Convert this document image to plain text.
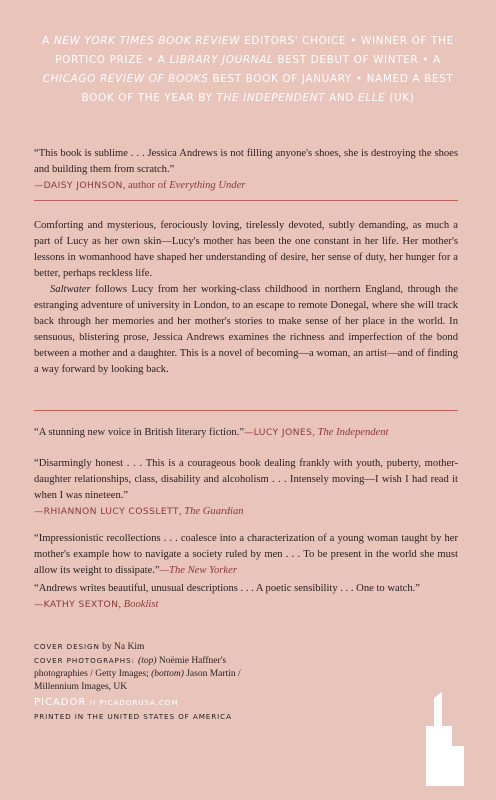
A NEW YORK TIMES BOOK REVIEW EDITORS' CHOICE • WINNER OF THE PORTICO PRIZE • A LIBRARY JOURNAL BEST DEBUT OF WINTER • A CHICAGO REVIEW OF BOOKS BEST BOOK OF JANUARY • NAMED A BEST BOOK OF THE YEAR BY THE INDEPENDENT AND ELLE (UK)

“This book is sublime . . . Jessica Andrews is not filling anyone's shoes, she is destroying the shoes and building them from scratch.”

—DAISY JOHNSON, author of Everything Under

Comforting and mysterious, ferociously loving, tirelessly devoted, subtly demanding, as much a part of Lucy as her own skin—Lucy's mother has been the one constant in her life. Her mother's lessons in womanhood have shaped her understanding of desire, her sense of duty, her hunger for a better, perhaps reckless life.

Saltwater follows Lucy from her working-class childhood in northern England, through the estranging adventure of university in London, to an escape to remote Donegal, where she will track back through her memories and her mother's stories to make sense of her place in the world. In sensuous, blistering prose, Jessica Andrews examines the richness and imperfection of the bond between a mother and a daughter. This is a novel of becoming—a woman, an artist—and of finding a way forward by looking back.

“A stunning new voice in British literary fiction.”—LUCY JONES, The Independent

“Disarmingly honest . . . This is a courageous book dealing frankly with youth, puberty, mother-daughter relationships, class, disability and alcoholism . . . Intensely moving—I wish I had read it when I was nineteen.”

—RHIANNON LUCY COSSLETT, The Guardian

“Impressionistic recollections . . . coalesce into a characterization of a young woman taught by her mother's example how to navigate a society ruled by men . . . To be present in the world she must allow its weight to dissipate.”—The New Yorker

“Andrews writes beautiful, unusual descriptions . . . A poetic sensibility . . . One to watch.”

—KATHY SEXTON, Booklist

COVER DESIGN by Na Kim

COVER PHOTOGRAPHS: (top) Noëmie Haffner's photographies / Getty Images; (bottom) Jason Martin / Millennium Images, UK

PICADOR // PICADORUSA.COM

PRINTED IN THE UNITED STATES OF AMERICA
